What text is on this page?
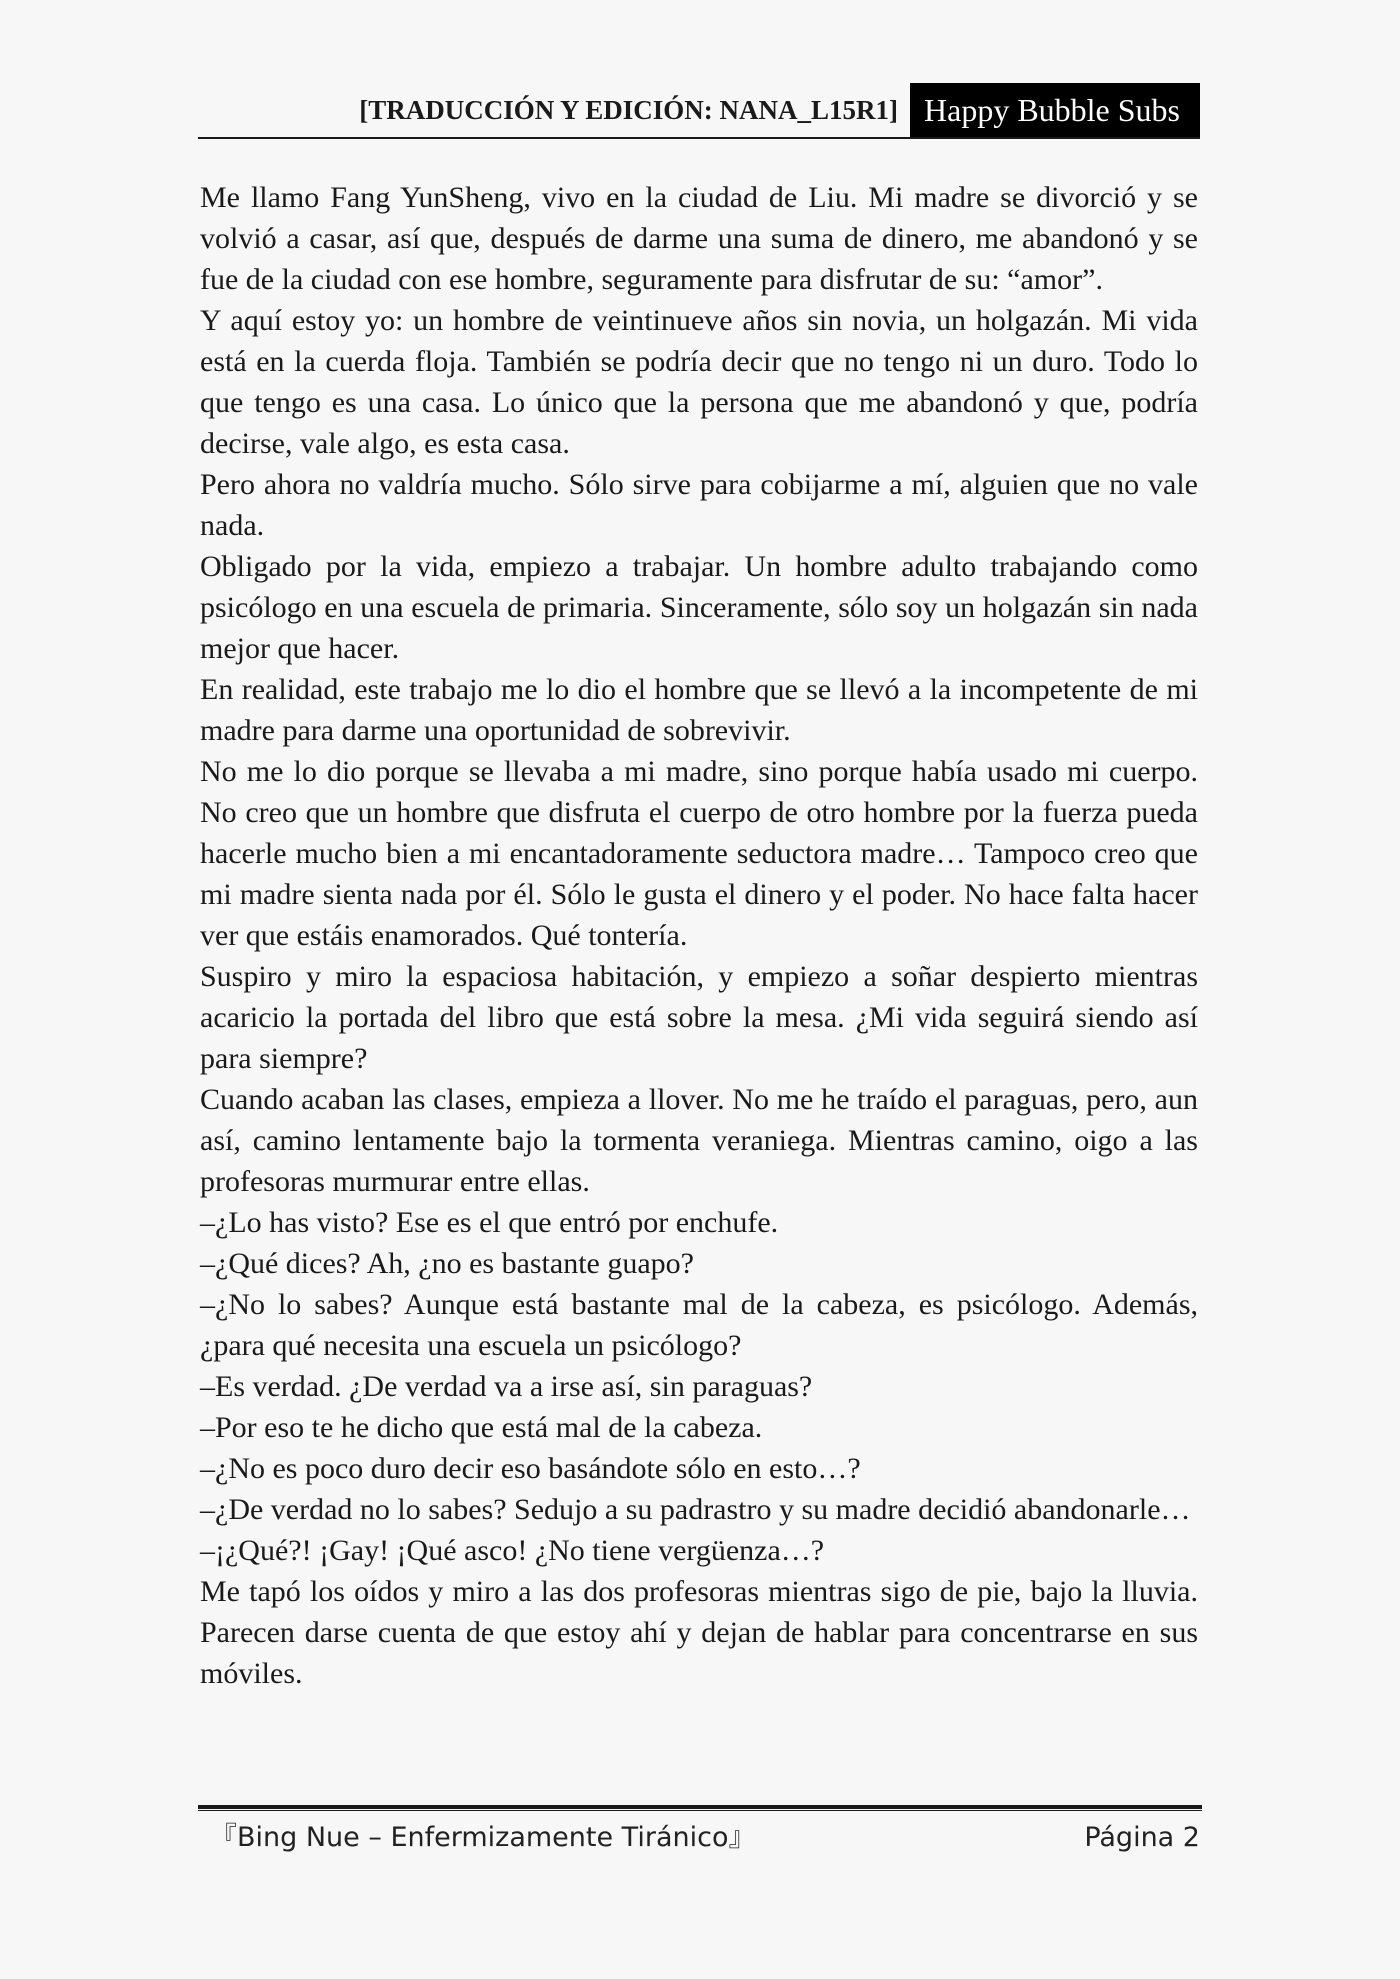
[TRADUCCIÓN Y EDICIÓN: NANA_L15R1] Happy Bubble Subs

Me llamo Fang YunSheng, vivo en la ciudad de Liu. Mi madre se divorció y se volvió a casar, así que, después de darme una suma de dinero, me abandonó y se fue de la ciudad con ese hombre, seguramente para disfrutar de su: “amor”.

Y aquí estoy yo: un hombre de veintinueve años sin novia, un holgazán. Mi vida está en la cuerda floja. También se podría decir que no tengo ni un duro. Todo lo que tengo es una casa. Lo único que la persona que me abandonó y que, podría decirse, vale algo, es esta casa.

Pero ahora no valdría mucho. Sólo sirve para cobijarme a mí, alguien que no vale nada.

Obligado por la vida, empiezo a trabajar. Un hombre adulto trabajando como psicólogo en una escuela de primaria. Sinceramente, sólo soy un holgazán sin nada mejor que hacer.

En realidad, este trabajo me lo dio el hombre que se llevó a la incompetente de mi madre para darme una oportunidad de sobrevivir.

No me lo dio porque se llevaba a mi madre, sino porque había usado mi cuerpo. No creo que un hombre que disfruta el cuerpo de otro hombre por la fuerza pueda hacerle mucho bien a mi encantadoramente seductora madre… Tampoco creo que mi madre sienta nada por él. Sólo le gusta el dinero y el poder. No hace falta hacer ver que estáis enamorados. Qué tontería.

Suspiro y miro la espaciosa habitación, y empiezo a soñar despierto mientras acaricio la portada del libro que está sobre la mesa. ¿Mi vida seguirá siendo así para siempre?

Cuando acaban las clases, empieza a llover. No me he traído el paraguas, pero, aun así, camino lentamente bajo la tormenta veraniega. Mientras camino, oigo a las profesoras murmurar entre ellas.

–¿Lo has visto? Ese es el que entró por enchufe.

–¿Qué dices? Ah, ¿no es bastante guapo?

–¿No lo sabes? Aunque está bastante mal de la cabeza, es psicólogo. Además, ¿para qué necesita una escuela un psicólogo?

–Es verdad. ¿De verdad va a irse así, sin paraguas?

–Por eso te he dicho que está mal de la cabeza.

–¿No es poco duro decir eso basándote sólo en esto…?

–¿De verdad no lo sabes? Sedujo a su padrastro y su madre decidió abandonarle…

–¡¿Qué?! ¡Gay! ¡Qué asco! ¿No tiene vergüenza…?

Me tapó los oídos y miro a las dos profesoras mientras sigo de pie, bajo la lluvia. Parecen darse cuenta de que estoy ahí y dejan de hablar para concentrarse en sus móviles.

『Bing Nue – Enfermizamente Tiránico』	Página 2
